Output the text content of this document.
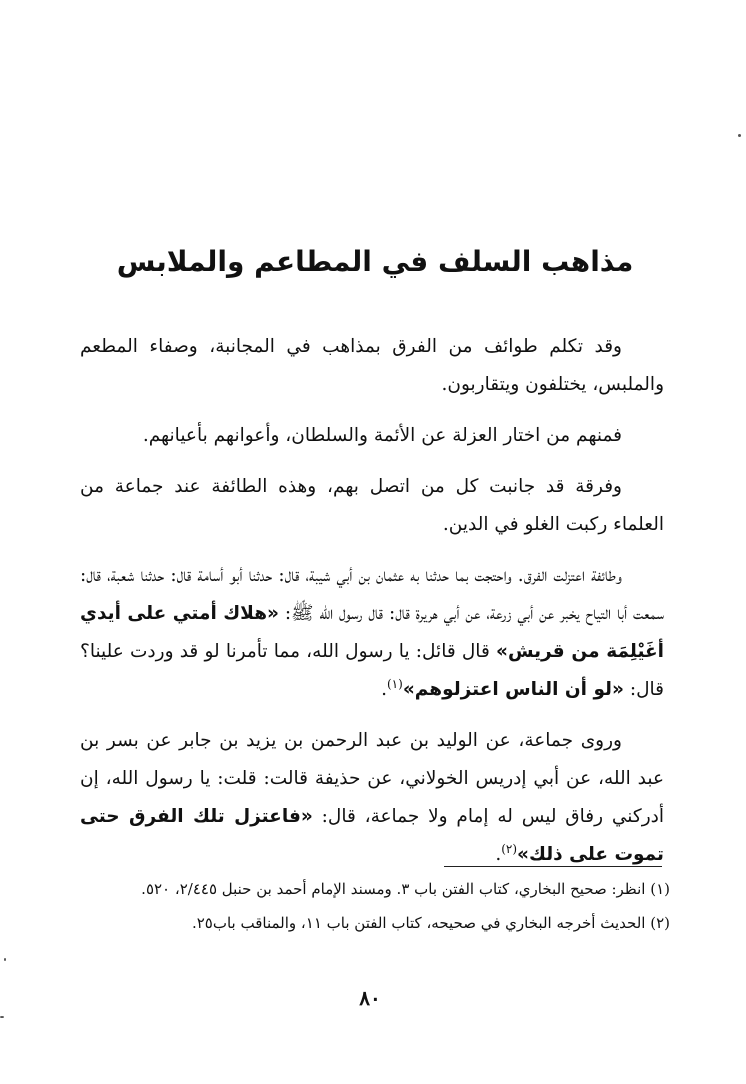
مذاهب السلف في المطاعم والملابس

وقد تكلم طوائف من الفرق بمذاهب في المجانبة، وصفاء المطعم والملبس، يختلفون ويتقاربون.

فمنهم من اختار العزلة عن الأئمة والسلطان، وأعوانهم بأعيانهم.

وفرقة قد جانبت كل من اتصل بهم، وهذه الطائفة عند جماعة من العلماء ركبت الغلو في الدين.

وطائفة اعتزلت الفرق. واحتجت بما حدثنا به عثمان بن أبي شيبة، قال: حدثنا أبو أسامة قال: حدثنا شعبة، قال: سمعت أبا التياح يخبر عن أبي زرعة، عن أبي هريرة قال: قال رسول الله ﷺ: «هلاك أمتي على أيدي أغَيْلِمَة من قريش» قال قائل: يا رسول الله، مما تأمرنا لو قد وردت علينا؟ قال: «لو أن الناس اعتزلوهم»$^{(١)}$.

وروى جماعة، عن الوليد بن عبد الرحمن بن يزيد بن جابر عن بسر بن عبد الله، عن أبي إدريس الخولاني، عن حذيفة قالت: قلت: يا رسول الله، إن أدركني رفاق ليس له إمام ولا جماعة، قال: «فاعتزل تلك الفرق حتى تموت على ذلك»$^{(٢)}$.

(١) انظر: صحيح البخاري، كتاب الفتن باب ٣. ومسند الإمام أحمد بن حنبل ٢/٤٤٥، ٥٢٠.

(٢) الحديث أخرجه البخاري في صحيحه، كتاب الفتن باب ١١، والمناقب باب٢٥.

٨٠
